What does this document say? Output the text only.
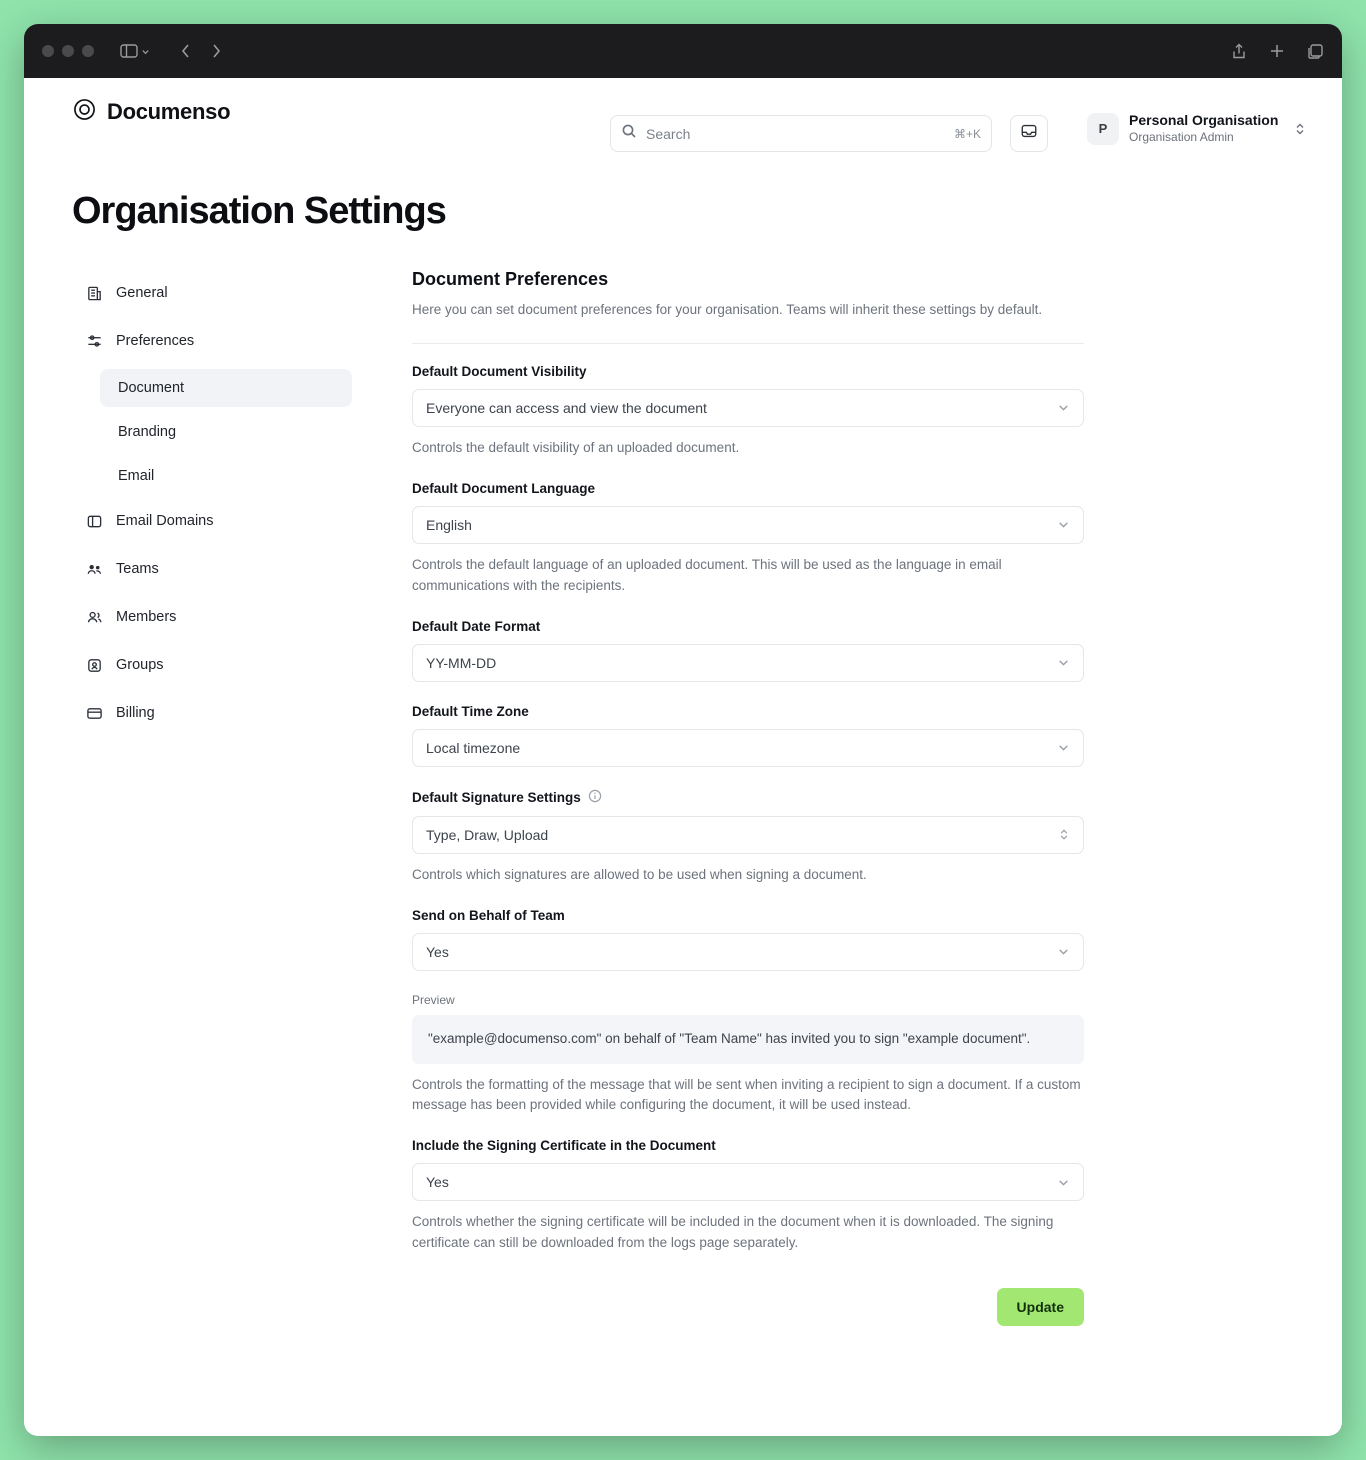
Documenso
Search
⌘+K	P
Personal Organisation
Organisation Admin
Organisation Settings
General
Preferences
Document
Branding
Email
Email Domains
Teams
Members
Groups
Billing
Document Preferences

Here you can set document preferences for your organisation. Teams will inherit these settings by default.

Default Document Visibility
Everyone can access and view the document
Controls the default visibility of an uploaded document.
Default Document Language
English
Controls the default language of an uploaded document. This will be used as the language in email communications with the recipients.
Default Date Format
YY-MM-DD
Default Time Zone
Local timezone
Default Signature Settings
Type, Draw, Upload
Controls which signatures are allowed to be used when signing a document.
Send on Behalf of Team
Yes
Preview
"example@documenso.com" on behalf of "Team Name" has invited you to sign "example document".
Controls the formatting of the message that will be sent when inviting a recipient to sign a document. If a custom message has been provided while configuring the document, it will be used instead.
Include the Signing Certificate in the Document
Yes
Controls whether the signing certificate will be included in the document when it is downloaded. The signing certificate can still be downloaded from the logs page separately.
Update
